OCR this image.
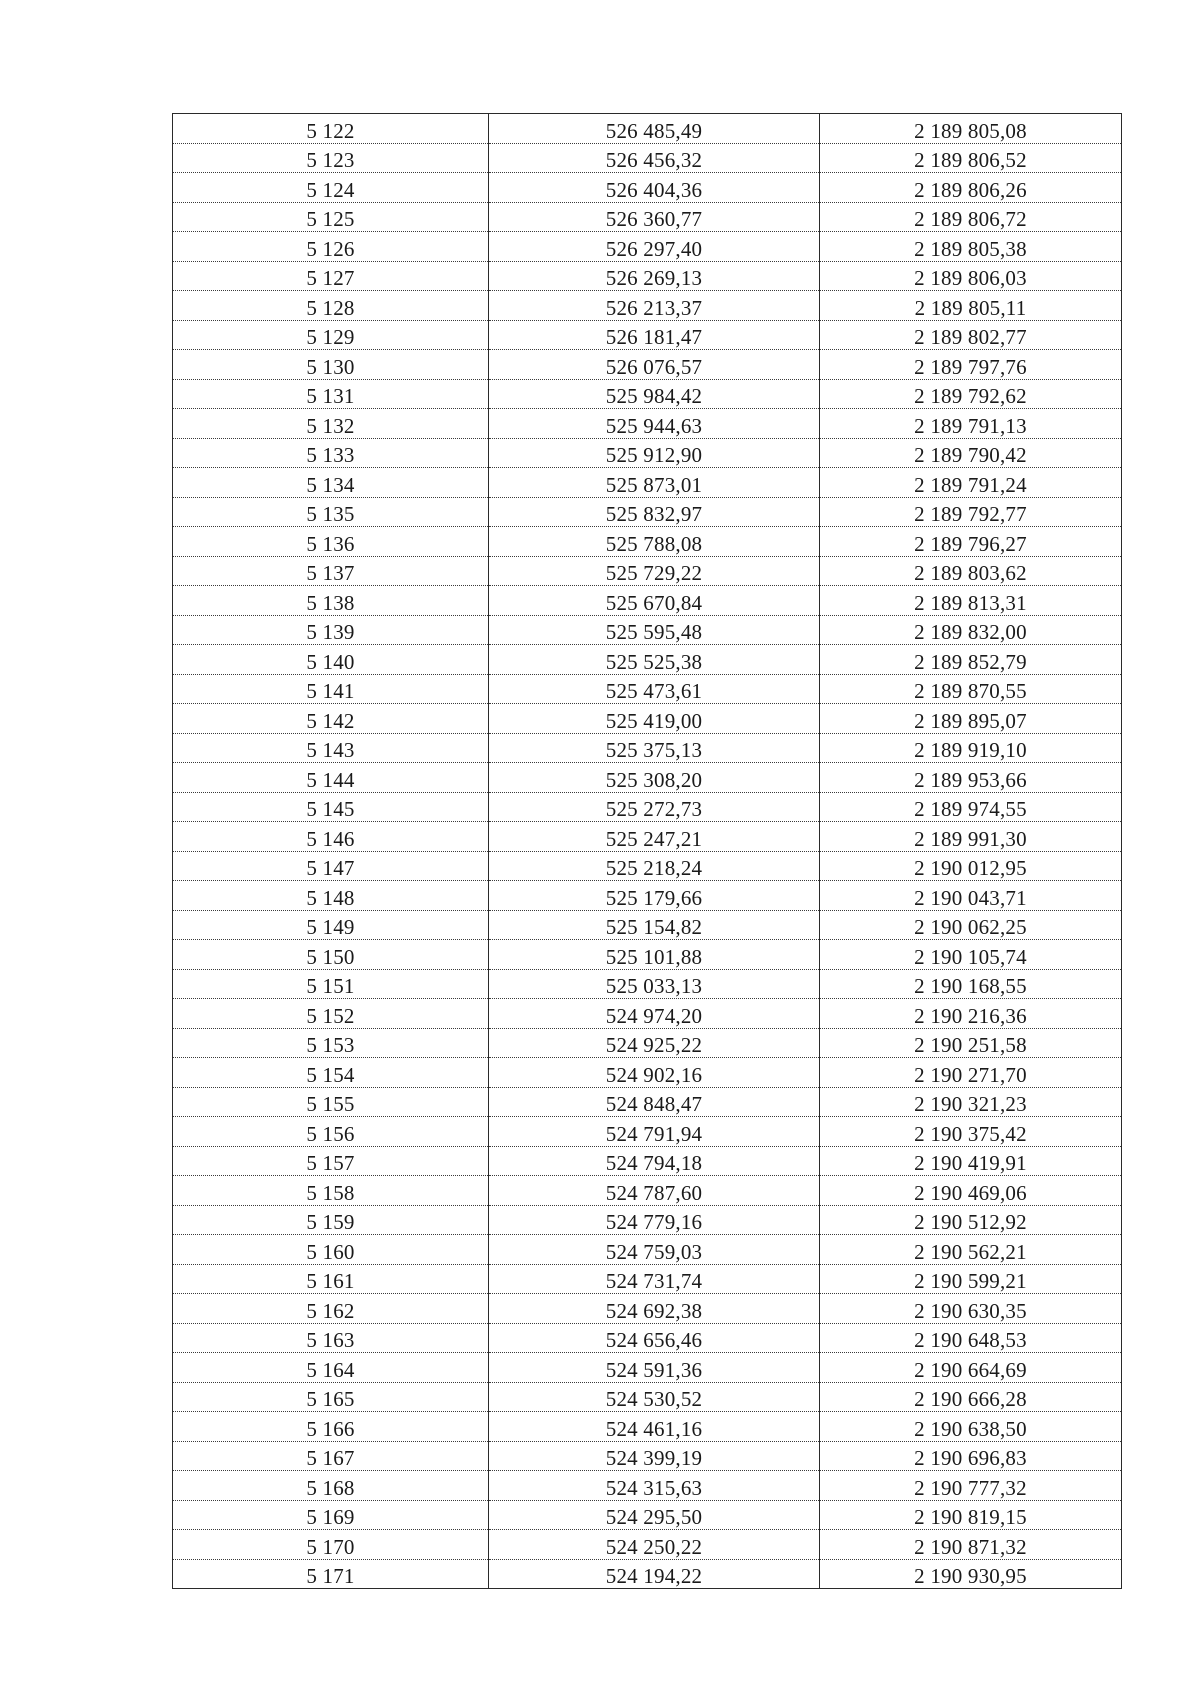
5 122	526 485,49	2 189 805,08
5 123	526 456,32	2 189 806,52
5 124	526 404,36	2 189 806,26
5 125	526 360,77	2 189 806,72
5 126	526 297,40	2 189 805,38
5 127	526 269,13	2 189 806,03
5 128	526 213,37	2 189 805,11
5 129	526 181,47	2 189 802,77
5 130	526 076,57	2 189 797,76
5 131	525 984,42	2 189 792,62
5 132	525 944,63	2 189 791,13
5 133	525 912,90	2 189 790,42
5 134	525 873,01	2 189 791,24
5 135	525 832,97	2 189 792,77
5 136	525 788,08	2 189 796,27
5 137	525 729,22	2 189 803,62
5 138	525 670,84	2 189 813,31
5 139	525 595,48	2 189 832,00
5 140	525 525,38	2 189 852,79
5 141	525 473,61	2 189 870,55
5 142	525 419,00	2 189 895,07
5 143	525 375,13	2 189 919,10
5 144	525 308,20	2 189 953,66
5 145	525 272,73	2 189 974,55
5 146	525 247,21	2 189 991,30
5 147	525 218,24	2 190 012,95
5 148	525 179,66	2 190 043,71
5 149	525 154,82	2 190 062,25
5 150	525 101,88	2 190 105,74
5 151	525 033,13	2 190 168,55
5 152	524 974,20	2 190 216,36
5 153	524 925,22	2 190 251,58
5 154	524 902,16	2 190 271,70
5 155	524 848,47	2 190 321,23
5 156	524 791,94	2 190 375,42
5 157	524 794,18	2 190 419,91
5 158	524 787,60	2 190 469,06
5 159	524 779,16	2 190 512,92
5 160	524 759,03	2 190 562,21
5 161	524 731,74	2 190 599,21
5 162	524 692,38	2 190 630,35
5 163	524 656,46	2 190 648,53
5 164	524 591,36	2 190 664,69
5 165	524 530,52	2 190 666,28
5 166	524 461,16	2 190 638,50
5 167	524 399,19	2 190 696,83
5 168	524 315,63	2 190 777,32
5 169	524 295,50	2 190 819,15
5 170	524 250,22	2 190 871,32
5 171	524 194,22	2 190 930,95
